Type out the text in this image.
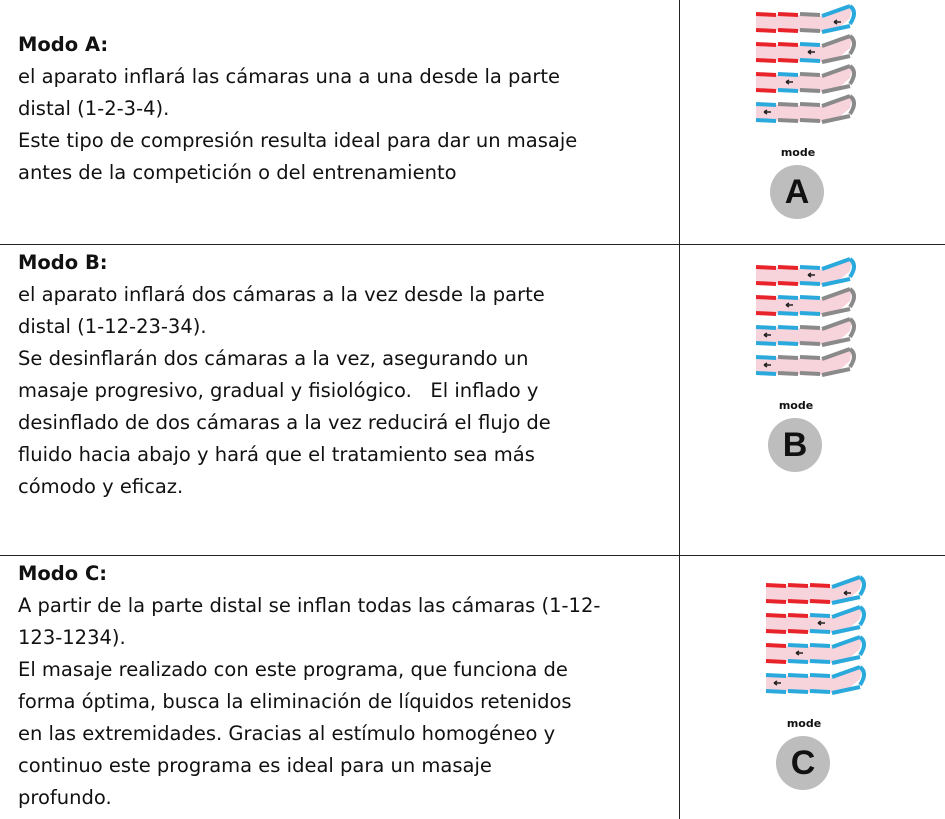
Modo A:

el aparato inflará las cámaras una a una desde la parte

distal (1-2-3-4).

Este tipo de compresión resulta ideal para dar un masaje

antes de la competición o del entrenamiento

Modo B:

el aparato inflará dos cámaras a la vez desde la parte

distal (1-12-23-34).

Se desinflarán dos cámaras a la vez, asegurando un

masaje progresivo, gradual y fisiológico.   El inflado y

desinflado de dos cámaras a la vez reducirá el flujo de

fluido hacia abajo y hará que el tratamiento sea más

cómodo y eficaz.

Modo C:

A partir de la parte distal se inflan todas las cámaras (1-12-

123-1234).

El masaje realizado con este programa, que funciona de

forma óptima, busca la eliminación de líquidos retenidos

en las extremidades. Gracias al estímulo homogéneo y

continuo este programa es ideal para un masaje

profundo.

mode
A
mode
B
mode
C
